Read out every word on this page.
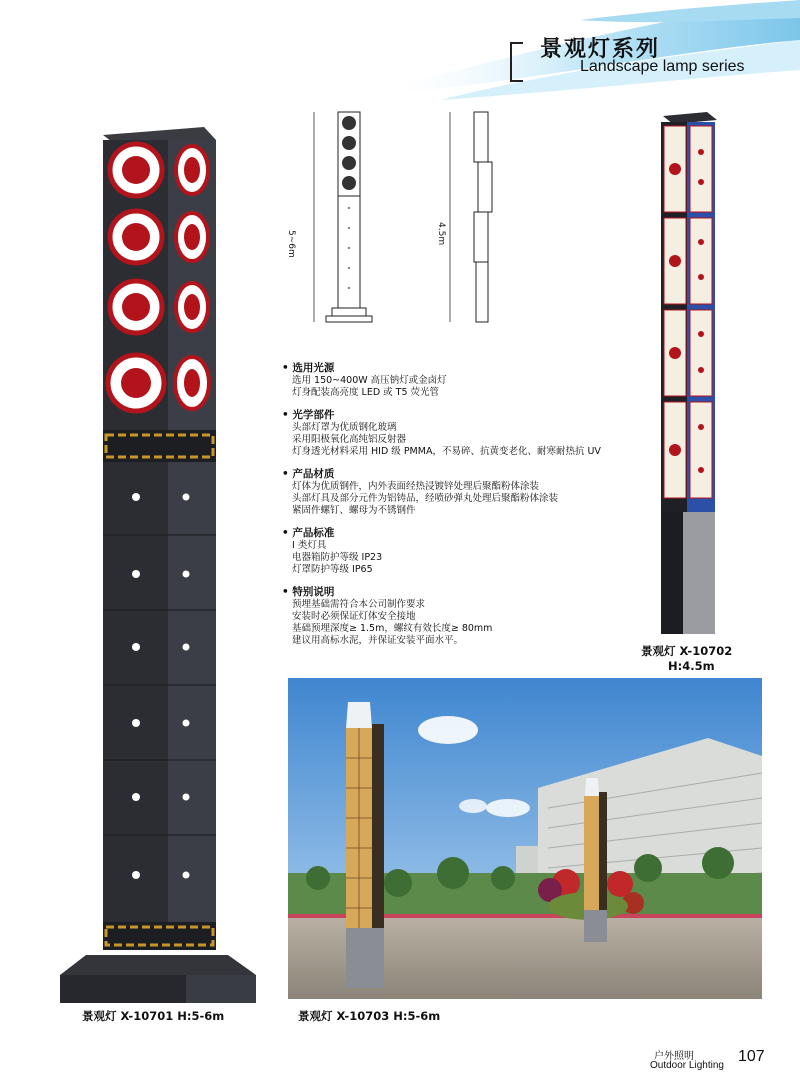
景观灯系列
Landscape lamp series
5~6m	4.5m
• 选用光源
选用 150~400W 高压钠灯或金卤灯
灯身配装高亮度 LED 或 T5 荧光管
• 光学部件
头部灯罩为优质钢化玻璃
采用阳极氧化高纯铝反射器
灯身透光材料采用 HID 级 PMMA，不易碎、抗黄变老化、耐寒耐热抗 UV
• 产品材质
灯体为优质钢件，内外表面经热浸镀锌处理后聚酯粉体涂装
头部灯具及部分元件为铝铸品，经喷砂弹丸处理后聚酯粉体涂装
紧固件螺钉、螺母为不锈钢件
• 产品标准
I 类灯具
电器箱防护等级 IP23
灯罩防护等级 IP65
• 特别说明
预埋基础需符合本公司制作要求
安装时必须保证灯体安全接地
基础预埋深度≥ 1.5m，螺纹有效长度≥ 80mm
建议用高标水泥，并保证安装平面水平。
景观灯 X-10701 H:5-6m	景观灯 X-10703 H:5-6m
景观灯 X-10702
H:4.5m
户外照明
Outdoor Lighting
107
